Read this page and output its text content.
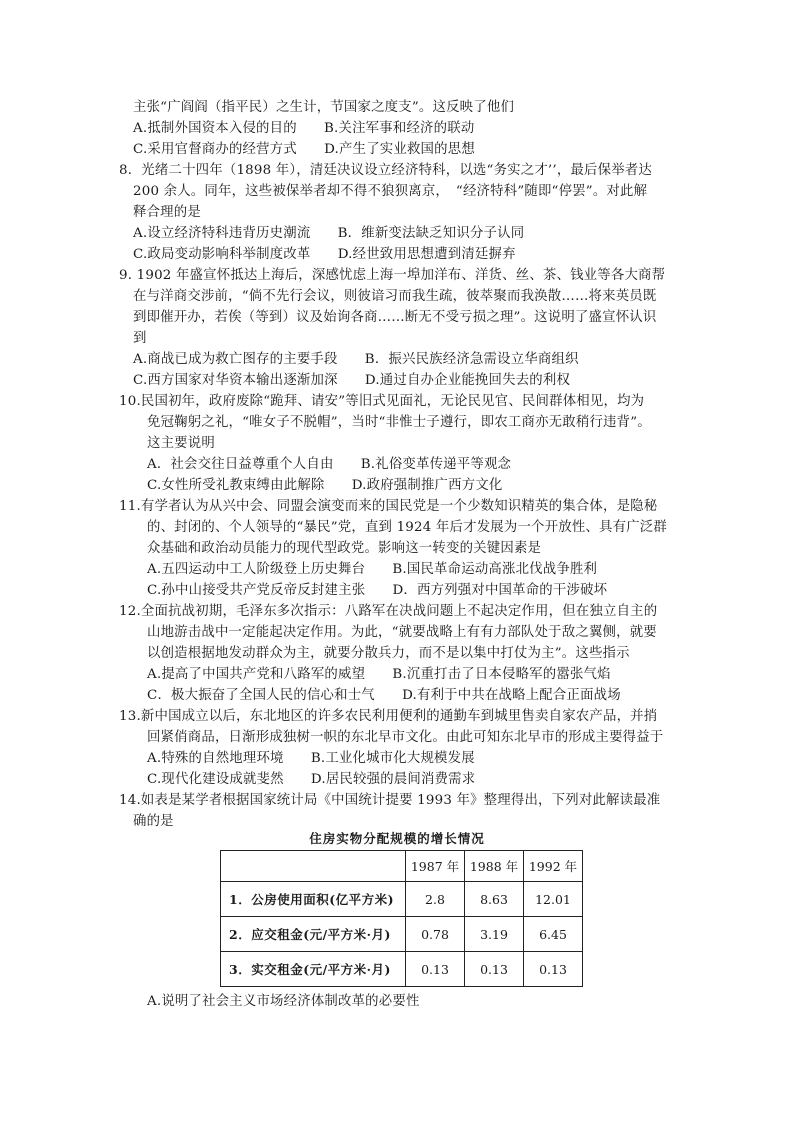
主张“广阎阎（指平民）之生计，节国家之度支”。这反映了他们
A.抵制外国资本入侵的目的　　B.关注军事和经济的联动
C.采用官督商办的经营方式　　D.产生了实业救国的思想
8．光绪二十四年（1898 年），清廷决议设立经济特科，以选“务实之才’’，最后保举者达
200 余人。同年，这些被保举者却不得不狼狈离京，　“经济特科”随即“停罢”。对此解
释合理的是
A.设立经济特科违背历史潮流　　B．维新变法缺乏知识分子认同
C.政局变动影响科举制度改革　　D.经世致用思想遭到清廷摒弃
9. 1902 年盛宣怀抵达上海后，深感忧虑上海一埠加洋布、洋货、丝、茶、钱业等各大商帮
在与洋商交涉前，“倘不先行会议，则彼谙习而我生疏，彼萃聚而我涣散……将来英员既
到即催开办，若俟（等到）议及始询各商……断无不受亏损之理”。这说明了盛宣怀认识
到
A.商战已成为救亡图存的主要手段　　B．振兴民族经济急需设立华商组织
C.西方国家对华资本输出逐渐加深　　D.通过自办企业能挽回失去的利权
10.民国初年，政府废除“跪拜、请安”等旧式见面礼，无论民见官、民间群体相见，均为
免冠鞠躬之礼，“唯女子不脱帽”，当时“非惟士子遵行，即农工商亦无敢稍行违背”。
这主要说明
A．社会交往日益尊重个人自由　　B.礼俗变革传递平等观念
C.女性所受礼教束缚由此解除　　D.政府强制推广西方文化
11.有学者认为从兴中会、同盟会演变而来的国民党是一个少数知识精英的集合体，是隐秘
的、封闭的、个人领导的“暴民”党，直到 1924 年后才发展为一个开放性、具有广泛群
众基础和政治动员能力的现代型政党。影响这一转变的关键因素是
A.五四运动中工人阶级登上历史舞台　　B.国民革命运动高涨北伐战争胜利
C.孙中山接受共产党反帝反封建主张　　D．西方列强对中国革命的干涉破坏
12.全面抗战初期，毛泽东多次指示：八路军在决战问题上不起决定作用，但在独立自主的
山地游击战中一定能起决定作用。为此，“就要战略上有有力部队处于敌之翼侧，就要
以创造根据地发动群众为主，就要分散兵力，而不是以集中打仗为主”。这些指示
A.提高了中国共产党和八路军的威望　　B.沉重打击了日本侵略军的嚣张气焰
C．极大振奋了全国人民的信心和士气　　D.有利于中共在战略上配合正面战场
13.新中国成立以后，东北地区的许多农民利用便利的通勤车到城里售卖自家农产品，并捎
回紧俏商品，日渐形成独树一帜的东北早市文化。由此可知东北早市的形成主要得益于
A.特殊的自然地理环境　　B.工业化城市化大规模发展
C.现代化建设成就斐然　　D.居民较强的晨间消费需求
14.如表是某学者根据国家统计局《中国统计提要 1993 年》整理得出，下列对此解读最准
确的是
住房实物分配规模的增长情况
	1987 年	1988 年	1992 年
1．公房使用面积(亿平方米)	2.8	8.63	12.01
2．应交租金(元/平方米·月)	0.78	3.19	6.45
3．实交租金(元/平方米·月)	0.13	0.13	0.13
A.说明了社会主义市场经济体制改革的必要性
